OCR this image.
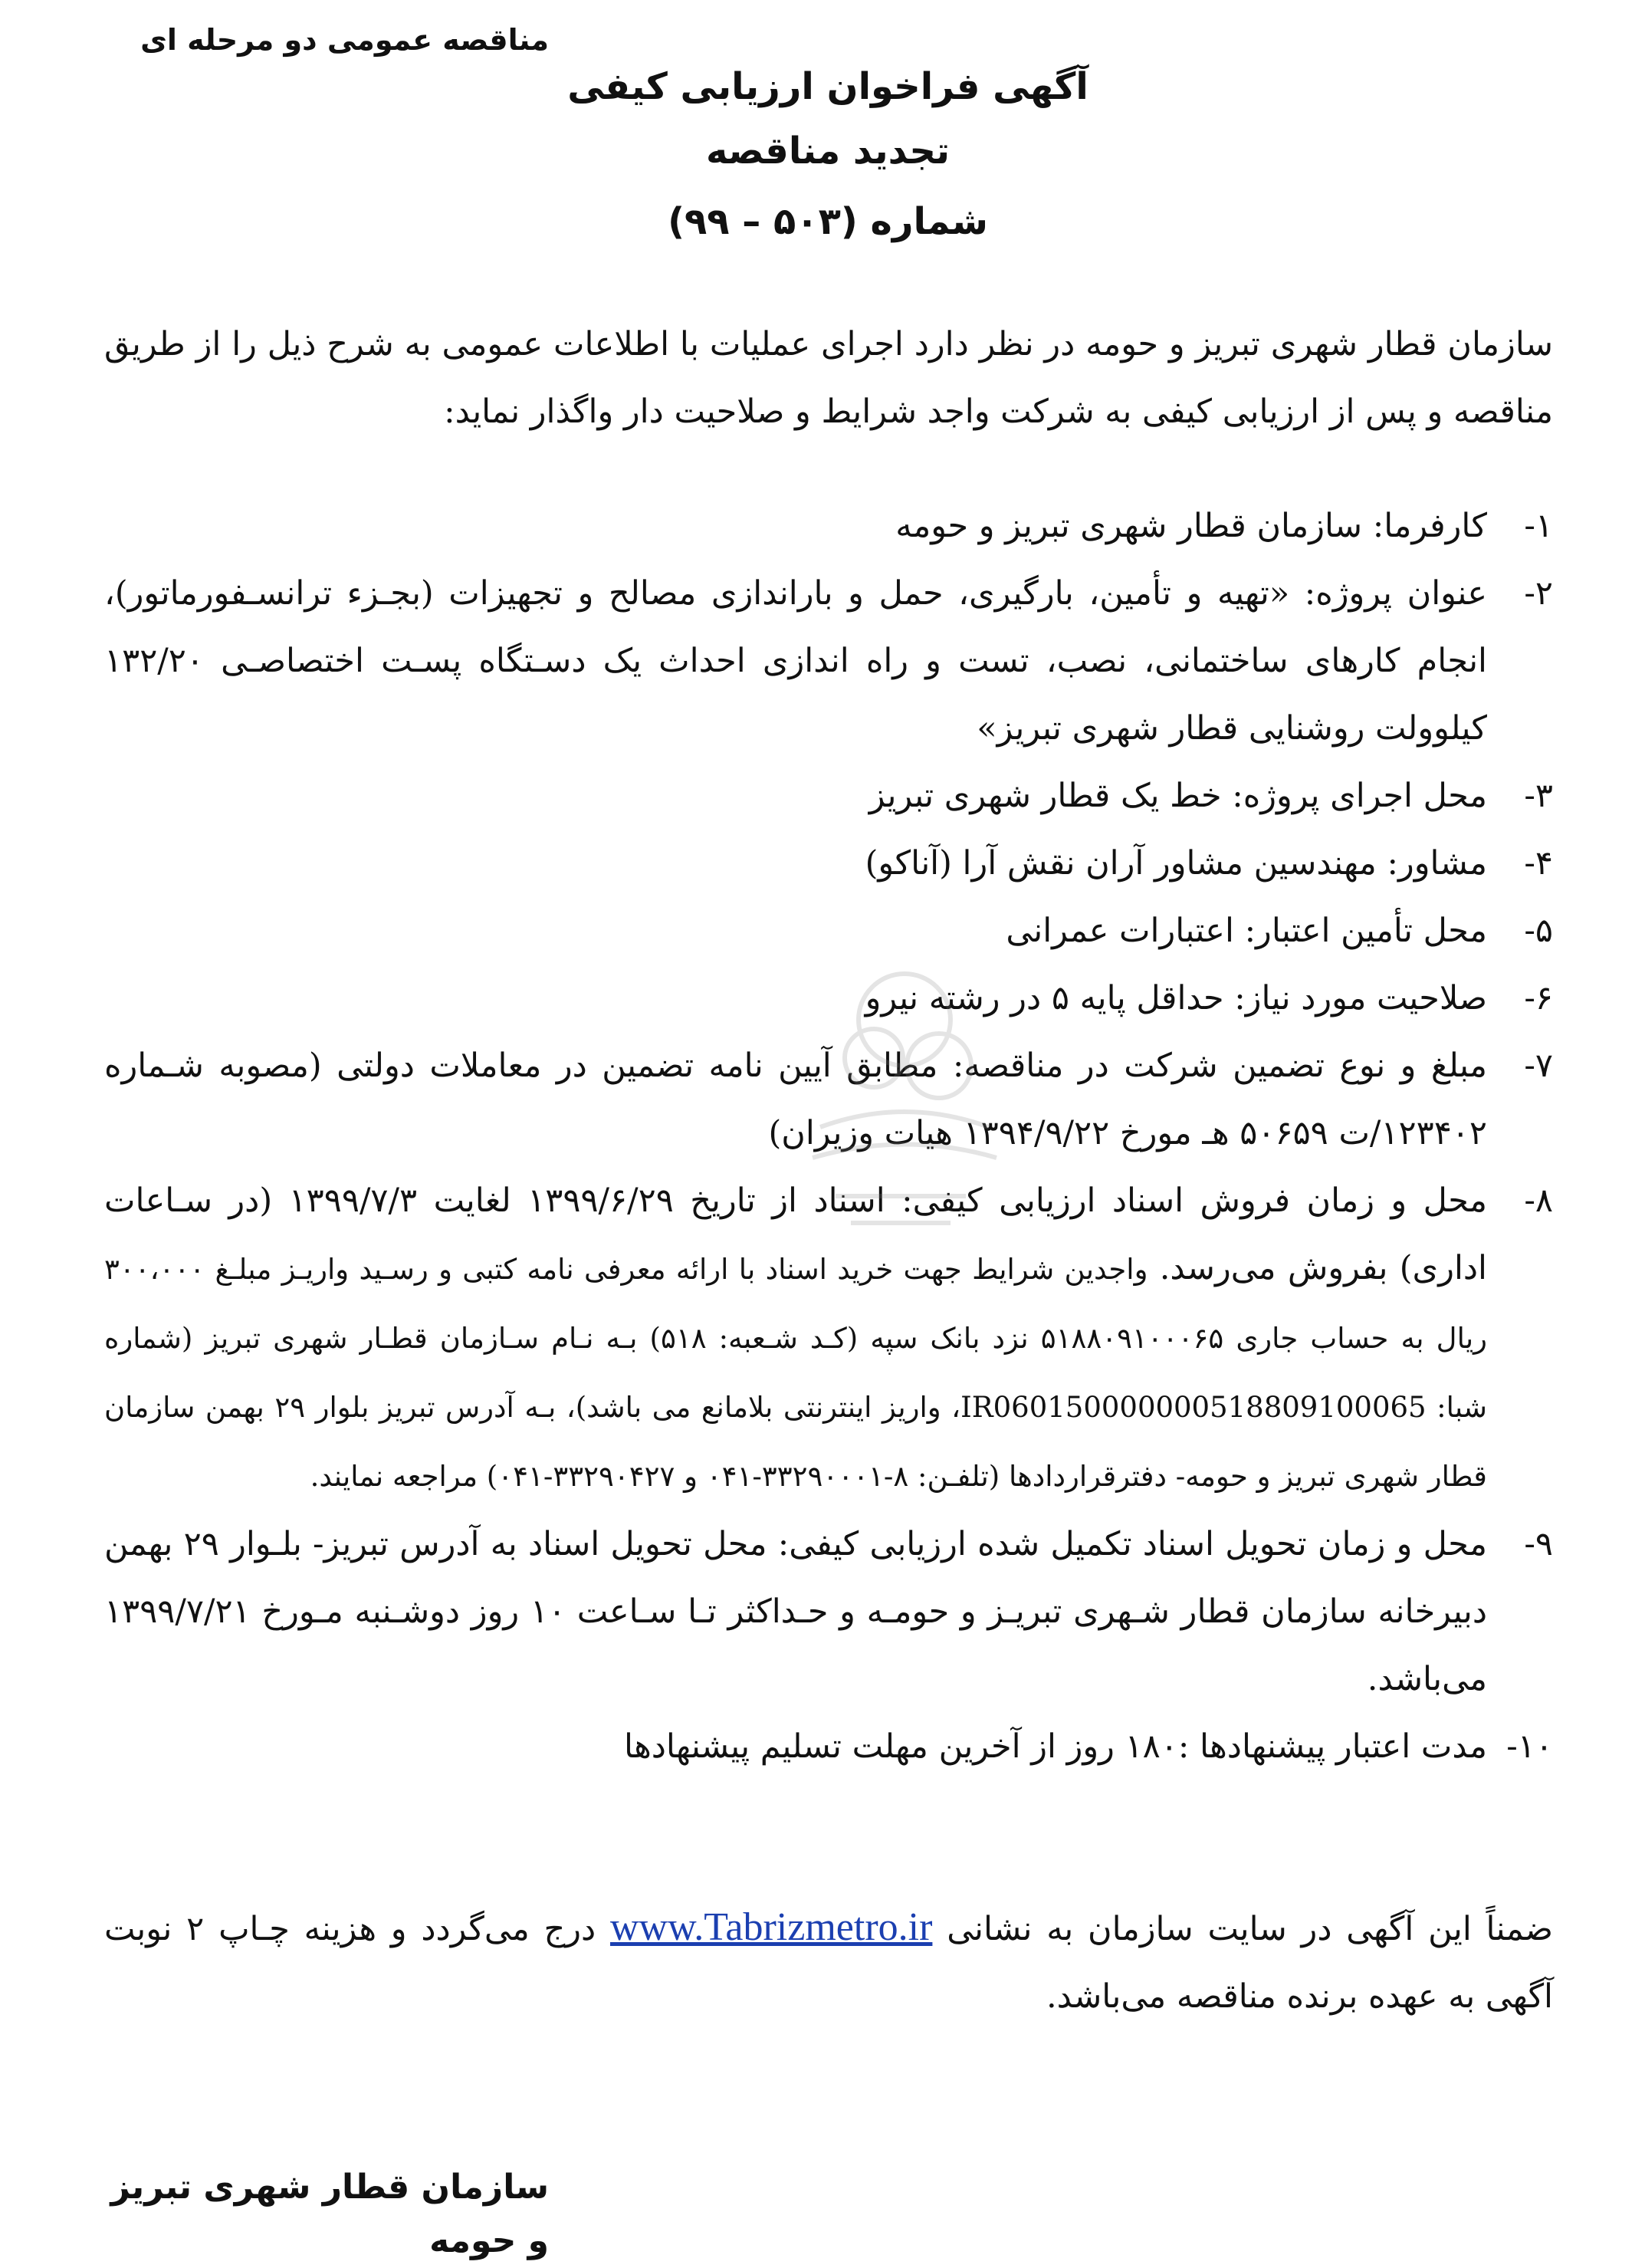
مناقصه عمومی دو مرحله ای
آگهی فراخوان ارزیابی کیفی
تجدید مناقصه
شماره (۵۰۳ – ۹۹)
سازمان قطار شهری تبریز و حومه در نظر دارد اجرای عملیات با اطلاعات عمومی به شرح ذیل را از طریق مناقصه و پس از ارزیابی کیفی به شرکت واجد شرایط و صلاحیت دار واگذار نماید:
۱-
کارفرما: سازمان قطار شهری تبریز و حومه
۲-
عنوان پروژه: «تهیه و تأمین، بارگیری، حمل و باراندازی مصالح و تجهیزات (بجـزء ترانسـفورماتور)، انجام کارهای ساختمانی، نصب، تست و راه اندازی احداث یک دسـتگاه پسـت اختصاصـی ۱۳۲/۲۰ کیلوولت روشنایی قطار شهری تبریز»
۳-
محل اجرای پروژه: خط یک قطار شهری تبریز
۴-
مشاور: مهندسین مشاور آران نقش آرا (آناکو)
۵-
محل تأمین اعتبار: اعتبارات عمرانی
۶-
صلاحیت مورد نیاز: حداقل پایه ۵ در رشته نیرو
۷-
مبلغ و نوع تضمین شرکت در مناقصه: مطابق آیین نامه تضمین در معاملات دولتی (مصوبه شـماره ۱۲۳۴۰۲/ت ۵۰۶۵۹ هـ مورخ ۱۳۹۴/۹/۲۲ هیات وزیران)
۸-
محل و زمان فروش اسناد ارزیابی کیفی: اسناد از تاریخ ۱۳۹۹/۶/۲۹ لغایت ۱۳۹۹/۷/۳ (در سـاعات اداری) بفروش می‌رسد. واجدین شرایط جهت خرید اسناد با ارائه معرفی نامه کتبی و رسـید واریـز مبلـغ ۳۰۰،۰۰۰ ریال به حساب جاری ۵۱۸۸۰۹۱۰۰۰۶۵ نزد بانک سپه (کـد شـعبه: ۵۱۸) بـه نـام سـازمان قطـار شهری تبریز (شماره شبا: IR060150000000518809100065، واریز اینترنتی بلامانع می باشد)، بـه آدرس تبریز بلوار ۲۹ بهمن سازمان قطار شهری تبریز و حومه- دفترقراردادها (تلفـن: ۸-۳۳۲۹۰۰۰۱-۰۴۱ و ۳۳۲۹۰۴۲۷-۰۴۱) مراجعه نمایند.
۹-
محل و زمان تحویل اسناد تکمیل شده ارزیابی کیفی: محل تحویل اسناد به آدرس تبریز- بلـوار ۲۹ بهمن دبیرخانه سازمان قطار شـهری تبریـز و حومـه و حـداکثر تـا سـاعت ۱۰ روز دوشـنبه مـورخ ۱۳۹۹/۷/۲۱ می‌باشد.
۱۰-
مدت اعتبار پیشنهادها :۱۸۰ روز از آخرین مهلت تسلیم پیشنهادها
ضمناً این آگهی در سایت سازمان به نشانی www.Tabrizmetro.ir درج می‌گردد و هزینه چـاپ ۲ نوبت آگهی به عهده برنده مناقصه می‌باشد.
سازمان قطار شهری تبریز و حومه
